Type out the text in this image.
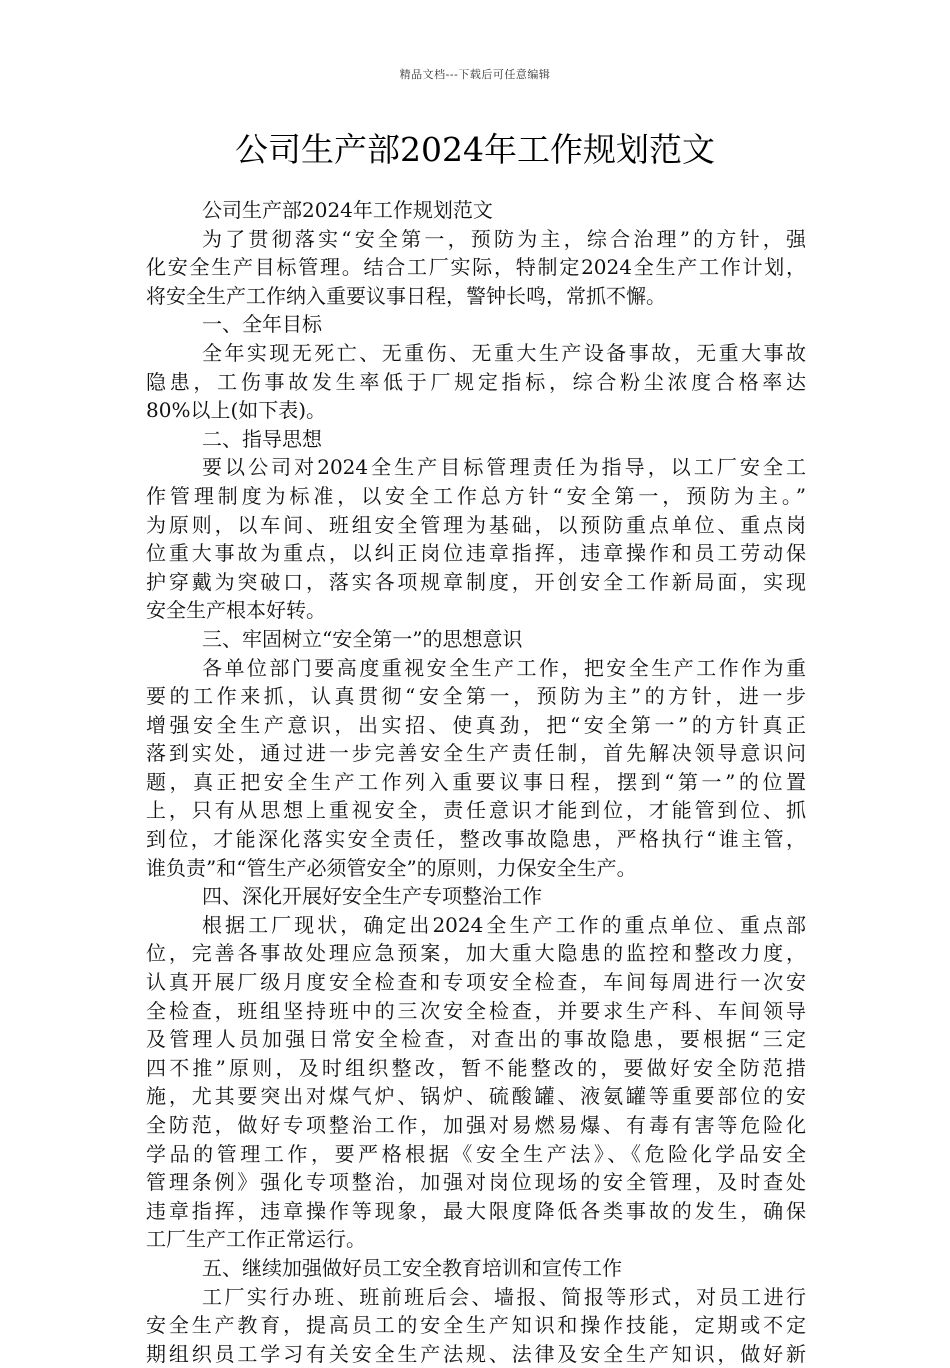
精品文档---下载后可任意编辑
公司生产部2024年工作规划范文
公司生产部2024年工作规划范文
为了贯彻落实“安全第一，预防为主，综合治理”的方针，强
化安全生产目标管理。结合工厂实际，特制定2024全生产工作计划，
将安全生产工作纳入重要议事日程，警钟长鸣，常抓不懈。
一、全年目标
全年实现无死亡、无重伤、无重大生产设备事故，无重大事故
隐患，工伤事故发生率低于厂规定指标，综合粉尘浓度合格率达
80%以上(如下表)。
二、指导思想
要以公司对2024全生产目标管理责任为指导，以工厂安全工
作管理制度为标准，以安全工作总方针“安全第一，预防为主。”
为原则，以车间、班组安全管理为基础，以预防重点单位、重点岗
位重大事故为重点，以纠正岗位违章指挥，违章操作和员工劳动保
护穿戴为突破口，落实各项规章制度，开创安全工作新局面，实现
安全生产根本好转。
三、牢固树立“安全第一”的思想意识
各单位部门要高度重视安全生产工作，把安全生产工作作为重
要的工作来抓，认真贯彻“安全第一，预防为主”的方针，进一步
增强安全生产意识，出实招、使真劲，把“安全第一”的方针真正
落到实处，通过进一步完善安全生产责任制，首先解决领导意识问
题，真正把安全生产工作列入重要议事日程，摆到“第一”的位置
上，只有从思想上重视安全，责任意识才能到位，才能管到位、抓
到位，才能深化落实安全责任，整改事故隐患，严格执行“谁主管，
谁负责”和“管生产必须管安全”的原则，力保安全生产。
四、深化开展好安全生产专项整治工作
根据工厂现状，确定出2024全生产工作的重点单位、重点部
位，完善各事故处理应急预案，加大重大隐患的监控和整改力度，
认真开展厂级月度安全检查和专项安全检查，车间每周进行一次安
全检查，班组坚持班中的三次安全检查，并要求生产科、车间领导
及管理人员加强日常安全检查，对查出的事故隐患，要根据“三定
四不推”原则，及时组织整改，暂不能整改的，要做好安全防范措
施，尤其要突出对煤气炉、锅炉、硫酸罐、液氨罐等重要部位的安
全防范，做好专项整治工作，加强对易燃易爆、有毒有害等危险化
学品的管理工作，要严格根据《安全生产法》、《危险化学品安全
管理条例》强化专项整治，加强对岗位现场的安全管理，及时查处
违章指挥，违章操作等现象，最大限度降低各类事故的发生，确保
工厂生产工作正常运行。
五、继续加强做好员工安全教育培训和宣传工作
工厂实行办班、班前班后会、墙报、简报等形式，对员工进行
安全生产教育，提高员工的安全生产知识和操作技能，定期或不定
期组织员工学习有关安全生产法规、法律及安全生产知识，做好新
